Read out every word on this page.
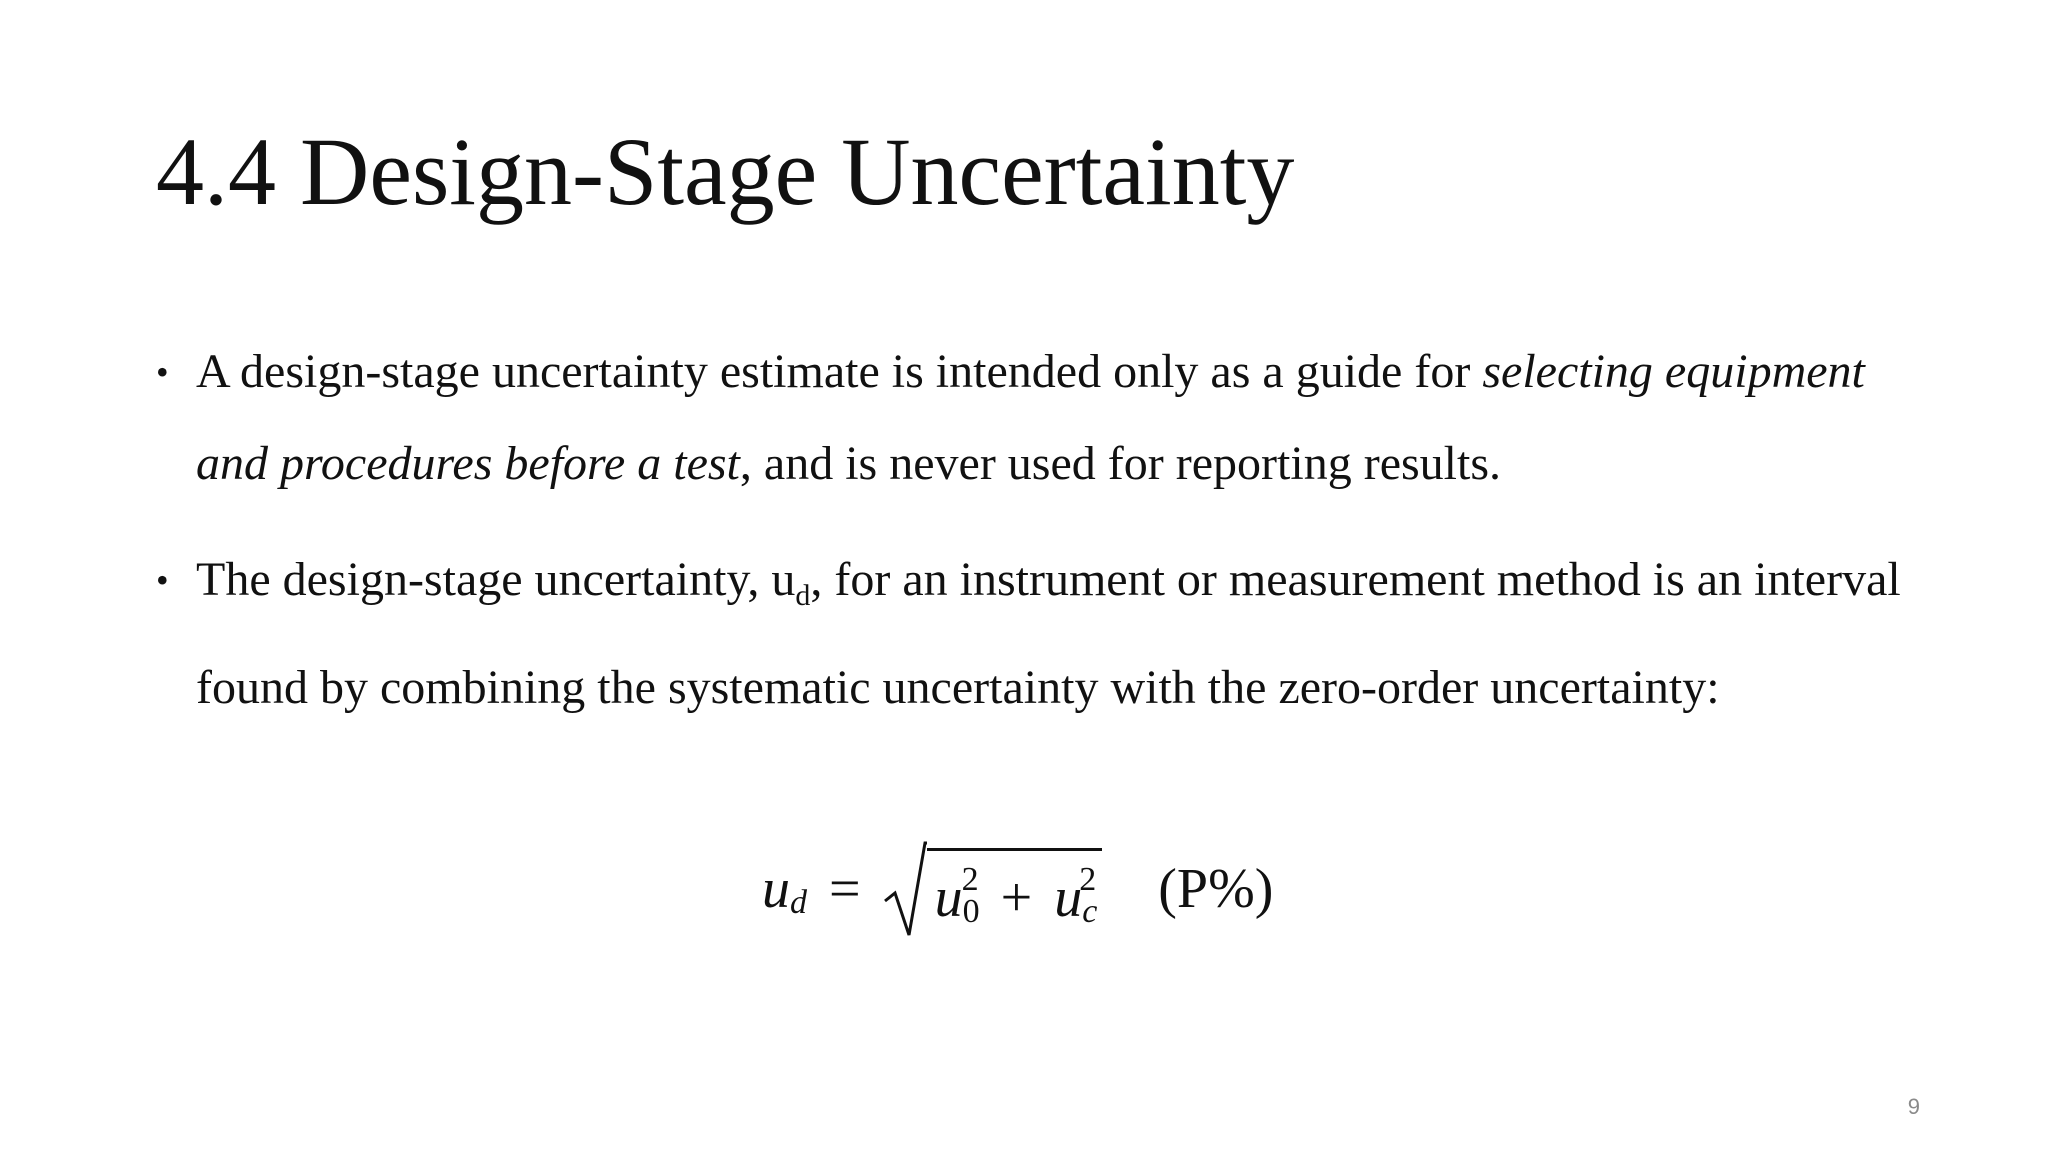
4.4 Design-Stage Uncertainty
• A design-stage uncertainty estimate is intended only as a guide for selecting equipment and procedures before a test, and is never used for reporting results.
• The design-stage uncertainty, $u_d$, for an instrument or measurement method is an interval found by combining the systematic uncertainty with the zero-order uncertainty:
u d = u 0
2 + u c
2 (P%)
9
